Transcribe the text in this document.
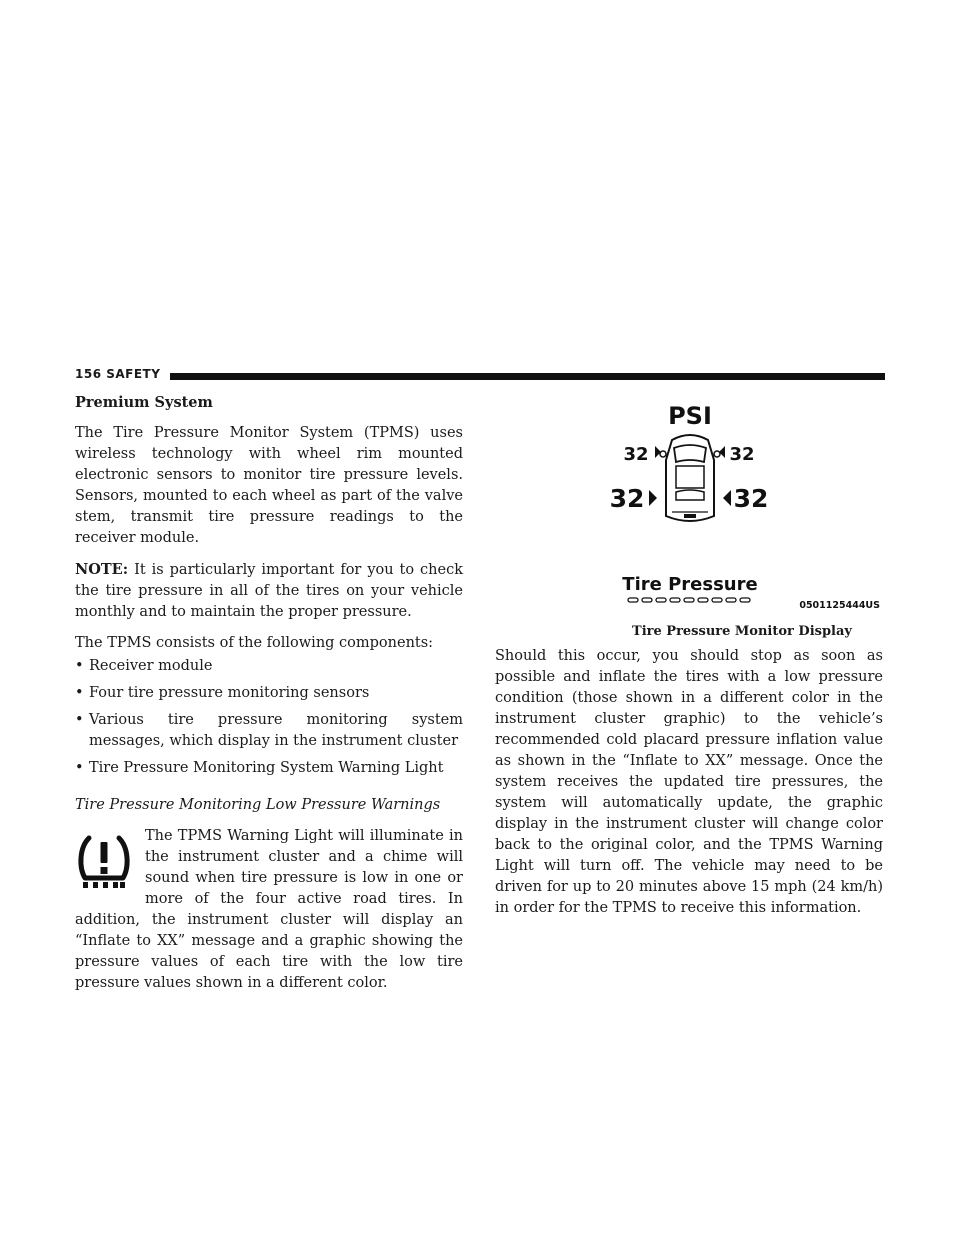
156 SAFETY
Premium System

The Tire Pressure Monitor System (TPMS) uses wireless technology with wheel rim mounted electronic sensors to monitor tire pressure levels. Sensors, mounted to each wheel as part of the valve stem, transmit tire pressure readings to the receiver module.

NOTE: It is particularly important for you to check the tire pressure in all of the tires on your vehicle monthly and to maintain the proper pressure.

The TPMS consists of the following components:

• Receiver module
• Four tire pressure monitoring sensors
• Various tire pressure monitoring system messages, which display in the instrument cluster
• Tire Pressure Monitoring System Warning Light
Tire Pressure Monitoring Low Pressure Warnings

The TPMS Warning Light will illuminate in the instrument cluster and a chime will sound when tire pressure is low in one or more of the four active road tires. In addition, the instrument cluster will display an “Inflate to XX” message and a graphic showing the pressure values of each tire with the low tire pressure values shown in a different color.

PSI
32	32
32	32
Tire Pressure
0501125444US
Tire Pressure Monitor Display

Should this occur, you should stop as soon as possible and inflate the tires with a low pressure condition (those shown in a different color in the instrument cluster graphic) to the vehicle’s recommended cold placard pressure inflation value as shown in the “Inflate to XX” message. Once the system receives the updated tire pressures, the system will automatically update, the graphic display in the instrument cluster will change color back to the original color, and the TPMS Warning Light will turn off. The vehicle may need to be driven for up to 20 minutes above 15 mph (24 km/h) in order for the TPMS to receive this information.
